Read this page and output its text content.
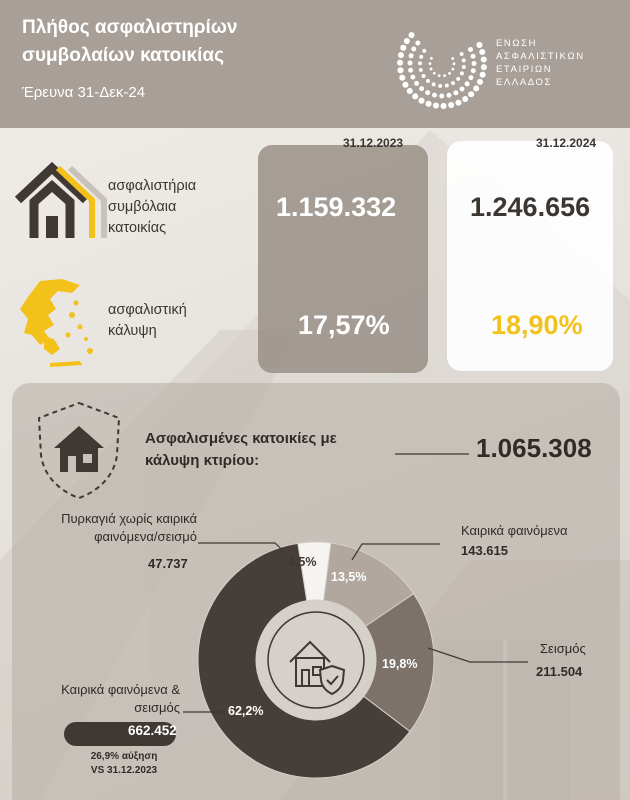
Πλήθος ασφαλιστηρίων συμβολαίων κατοικίας
Έρευνα 31-Δεκ-24
ΕΝΩΣΗ
ΑΣΦΑΛΙΣΤΙΚΩΝ
ΕΤΑΙΡΙΩΝ
ΕΛΛΑΔΟΣ
31.12.2023	31.12.2024
ασφαλιστήρια
συμβόλαια
κατοικίας
1.159.332	1.246.656
ασφαλιστική
κάλυψη	17,57%	18,90%
Ασφαλισμένες κατοικίες με κάλυψη κτιρίου:	1.065.308
4,5%
13,5%
19,8%
62,2%
Πυρκαγιά χωρίς καιρικά φαινόμενα/σεισμό
47.737
Καιρικά φαινόμενα
143.615
Σεισμός
211.504
Καιρικά φαινόμενα & σεισμός
662.452
26,9% αύξηση
VS 31.12.2023
